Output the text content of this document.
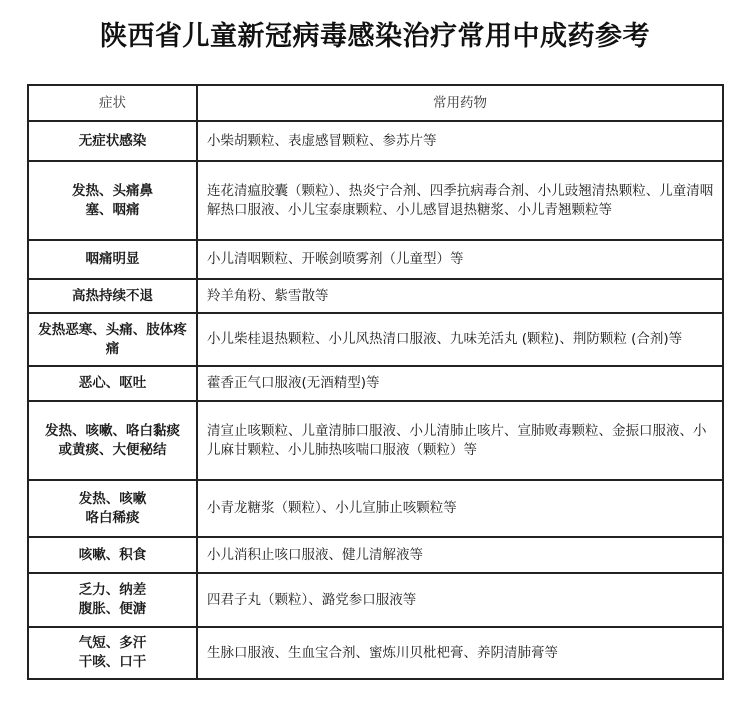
陕西省儿童新冠病毒感染治疗常用中成药参考
症状	常用药物

无症状感染	小柴胡颗粒、表虚感冒颗粒、参苏片等

发热、头痛鼻塞、咽痛	连花清瘟胶囊（颗粒）、热炎宁合剂、四季抗病毒合剂、小儿豉翘清热颗粒、儿童清咽解热口服液、小儿宝泰康颗粒、小儿感冒退热糖浆、小儿青翘颗粒等

咽痛明显	小儿清咽颗粒、开喉剑喷雾剂（儿童型）等

高热持续不退	羚羊角粉、紫雪散等

发热恶寒、头痛、肢体疼痛	小儿柴桂退热颗粒、小儿风热清口服液、九味羌活丸 (颗粒)、荆防颗粒 (合剂)等

恶心、呕吐	藿香正气口服液(无酒精型)等

发热、咳嗽、咯白黏痰或黄痰、大便秘结	清宣止咳颗粒、儿童清肺口服液、小儿清肺止咳片、宣肺败毒颗粒、金振口服液、小儿麻甘颗粒、小儿肺热咳喘口服液（颗粒）等

发热、咳嗽咯白稀痰	小青龙糖浆（颗粒）、小儿宣肺止咳颗粒等

咳嗽、积食	小儿消积止咳口服液、健儿清解液等

乏力、纳差腹胀、便溏	四君子丸（颗粒）、潞党参口服液等

气短、多汗干咳、口干	生脉口服液、生血宝合剂、蜜炼川贝枇杷膏、养阴清肺膏等
